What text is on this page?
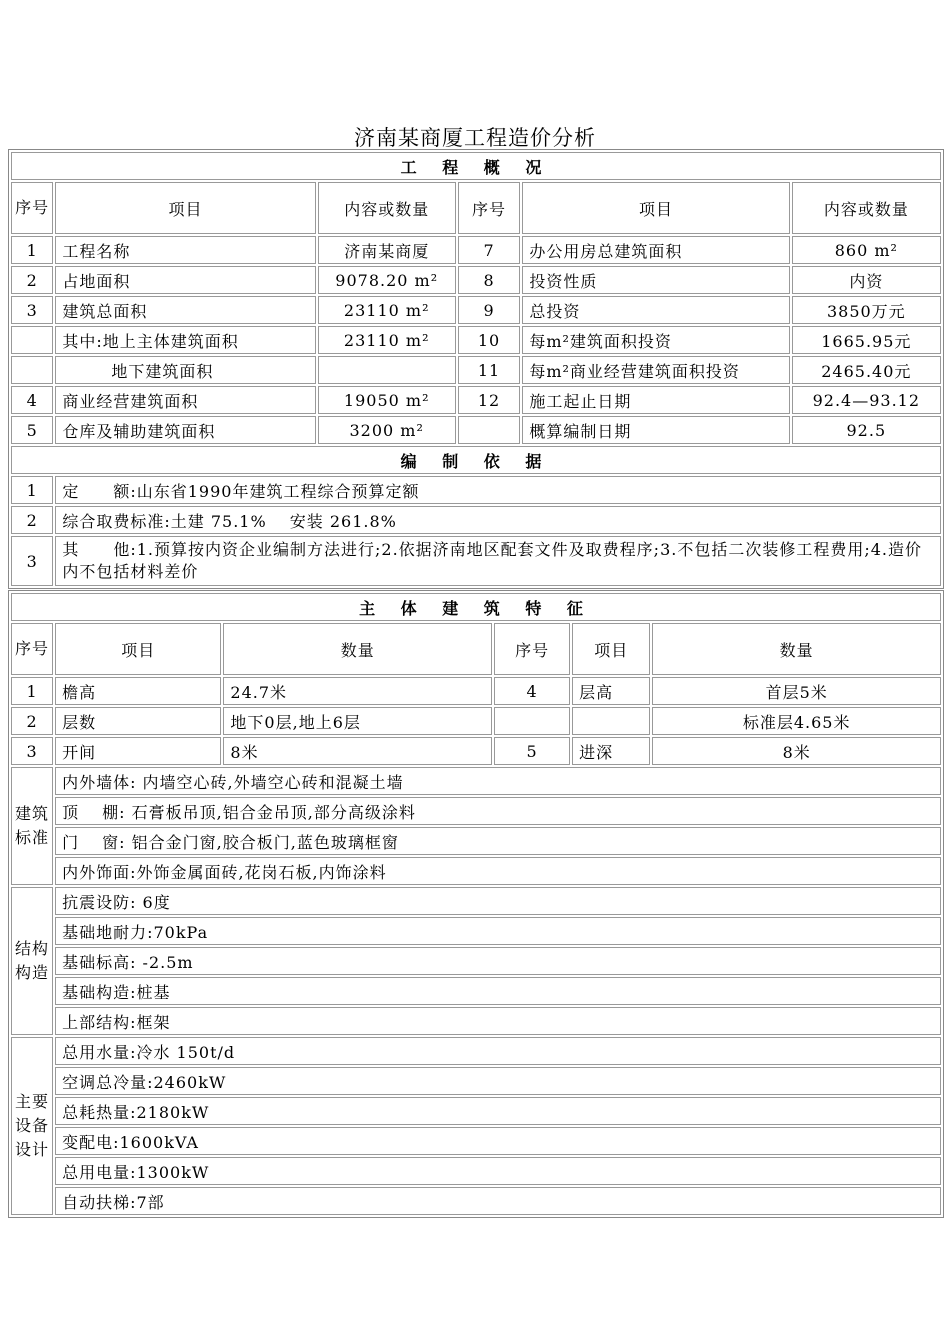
济南某商厦工程造价分析
工 程 概 况					
序号	项目	内容或数量	序号	项目	内容或数量
1	工程名称	济南某商厦	7	办公用房总建筑面积	860 m²
2	占地面积	9078.20 m²	8	投资性质	内资
3	建筑总面积	23110 m²	9	总投资	3850万元
	其中:地上主体建筑面积	23110 m²	10	每m²建筑面积投资	1665.95元
	地下建筑面积		11	每m²商业经营建筑面积投资	2465.40元
4	商业经营建筑面积	19050 m²	12	施工起止日期	92.4—93.12
5	仓库及辅助建筑面积	3200 m²		概算编制日期	92.5
编 制 依 据					
1	定　　额:山东省1990年建筑工程综合预算定额				
2	综合取费标准:土建 75.1%　 安装 261.8%				
3	其　　他:1.预算按内资企业编制方法进行;2.依据济南地区配套文件及取费程序;3.不包括二次装修工程费用;4.造价内不包括材料差价				
主 体 建 筑 特 征					
序号	项目	数量	序号	项目	数量
1	檐高	24.7米	4	层高	首层5米
2	层数	地下0层,地上6层			标准层4.65米
3	开间	8米	5	进深	8米
建筑标准	内外墙体: 内墙空心砖,外墙空心砖和混凝土墙				
	顶　 棚: 石膏板吊顶,铝合金吊顶,部分高级涂料				
	门　 窗: 铝合金门窗,胶合板门,蓝色玻璃框窗				
	内外饰面:外饰金属面砖,花岗石板,内饰涂料				
结构构造	抗震设防: 6度				
	基础地耐力:70kPa				
	基础标高: -2.5m				
	基础构造:桩基				
	上部结构:框架				
主要设备设计	总用水量:冷水 150t/d				
	空调总冷量:2460kW				
	总耗热量:2180kW				
	变配电:1600kVA				
	总用电量:1300kW				
	自动扶梯:7部				
